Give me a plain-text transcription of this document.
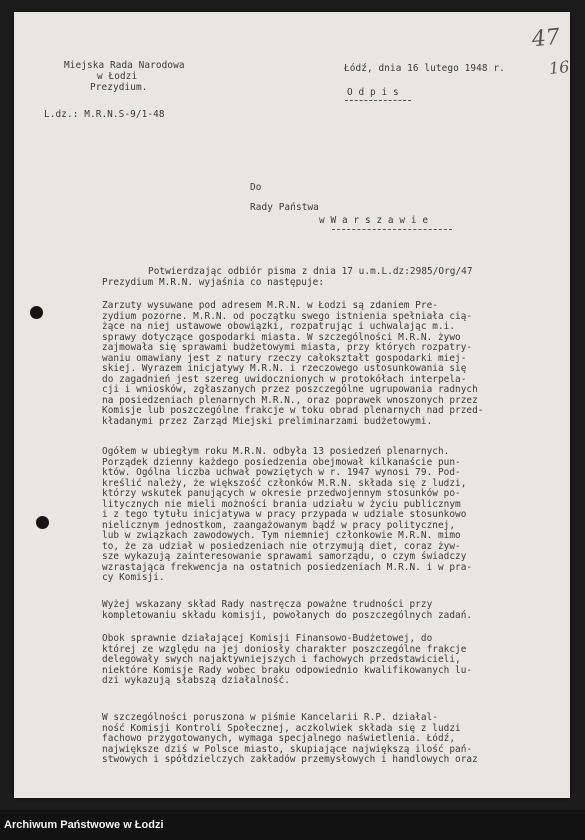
47
Miejska Rada Narodowa
w Łodzi
Prezydium.
Łódź, dnia 16 lutego 1948 r.	16
O d p i s
L.dz.: M.R.N.S-9/1-48
Do
Rady Państwa
w W a r s z a w i e
Potwierdzając odbiór pisma z dnia 17 u.m.L.dz:2985/Org/47
Prezydium M.R.N. wyjaśnia co następuje:
Zarzuty wysuwane pod adresem M.R.N. w Łodzi są zdaniem Pre-
zydium pozorne. M.R.N. od początku swego istnienia spełniała cią-
żące na niej ustawowe obowiązki, rozpatrując i uchwalając m.i.
sprawy dotyczące gospodarki miasta. W szczególności M.R.N. żywo
zajmowała się sprawami budżetowymi miasta, przy których rozpatry-
waniu omawiany jest z natury rzeczy całokształt gospodarki miej-
skiej. Wyrazem inicjatywy M.R.N. i rzeczowego ustosunkowania się
do zagadnień jest szereg uwidocznionych w protokółach interpela-
cji i wniosków, zgłaszanych przez poszczególne ugrupowania radnych
na posiedzeniach plenarnych M.R.N., oraz poprawek wnoszonych przez
Komisje lub poszczególne frakcje w toku obrad plenarnych nad przed-
kładanymi przez Zarząd Miejski preliminarzami budżetowymi.
Ogółem w ubiegłym roku M.R.N. odbyła 13 posiedzeń plenarnych.
Porządek dzienny każdego posiedzenia obejmował kilkanaście pun-
któw. Ogólna liczba uchwał powziętych w r. 1947 wynosi 79. Pod-
kreślić należy, że większość członków M.R.N. składa się z ludzi,
którzy wskutek panujących w okresie przedwojennym stosunków po-
litycznych nie mieli możności brania udziału w życiu publicznym
i z tego tytułu inicjatywa w pracy przypada w udziale stosunkowo
nielicznym jednostkom, zaangażowanym bądź w pracy politycznej,
lub w związkach zawodowych. Tym niemniej członkowie M.R.N. mimo
to, że za udział w posiedzeniach nie otrzymują diet, coraz żyw-
sze wykazują zainteresowanie sprawami samorządu, o czym świadczy
wzrastająca frekwencja na ostatnich posiedzeniach M.R.N. i w pra-
cy Komisji.
Wyżej wskazany skład Rady nastręcza poważne trudności przy
kompletowaniu składu komisji, powołanych do poszczególnych zadań.
Obok sprawnie działającej Komisji Finansowo-Budżetowej, do
której ze względu na jej doniosły charakter poszczególne frakcje
delegowały swych najaktywniejszych i fachowych przedstawicieli,
niektóre Komisje Rady wobec braku odpowiednio kwalifikowanych lu-
dzi wykazują słabszą działalność.
W szczególności poruszona w piśmie Kancelarii R.P. działal-
ność Komisji Kontroli Społecznej, aczkolwiek składa się z ludzi
fachowo przygotowanych, wymaga specjalnego naświetlenia. Łódź,
największe dziś w Polsce miasto, skupiające największą ilość pań-
stwowych i spółdzielczych zakładów przemysłowych i handlowych oraz
Archiwum Państwowe w Łodzi
